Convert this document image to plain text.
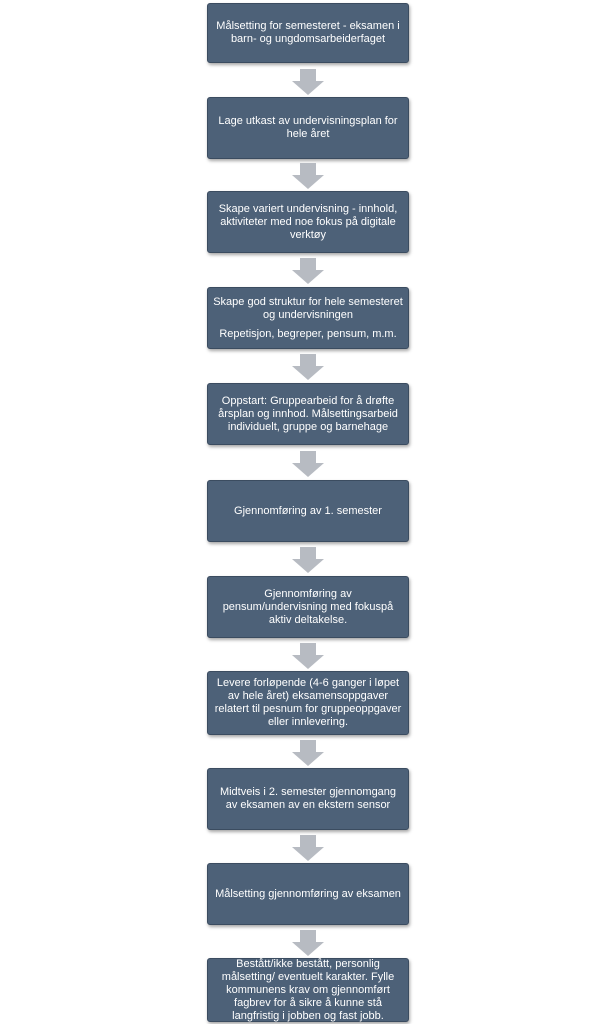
Målsetting for semesteret - eksamen i barn- og ungdomsarbeiderfaget
Lage utkast av undervisningsplan for hele året
Skape variert undervisning - innhold, aktiviteter med noe fokus på digitale verktøy
Skape god struktur for hele semesteret og undervisningen
Repetisjon, begreper, pensum, m.m.
Oppstart: Gruppearbeid for å drøfte årsplan og innhod. Målsettingsarbeid individuelt, gruppe og barnehage
Gjennomføring av 1. semester
Gjennomføring av pensum/undervisning med fokuspå aktiv deltakelse.
Levere forløpende (4-6 ganger i løpet av hele året) eksamensoppgaver relatert til pesnum for gruppeoppgaver eller innlevering.
Midtveis i 2. semester gjennomgang av eksamen av en ekstern sensor
Målsetting gjennomføring av eksamen
Bestått/ikke bestått, personlig målsetting/ eventuelt karakter. Fylle kommunens krav om gjennomført fagbrev for å sikre å kunne stå langfristig i jobben og fast jobb.
